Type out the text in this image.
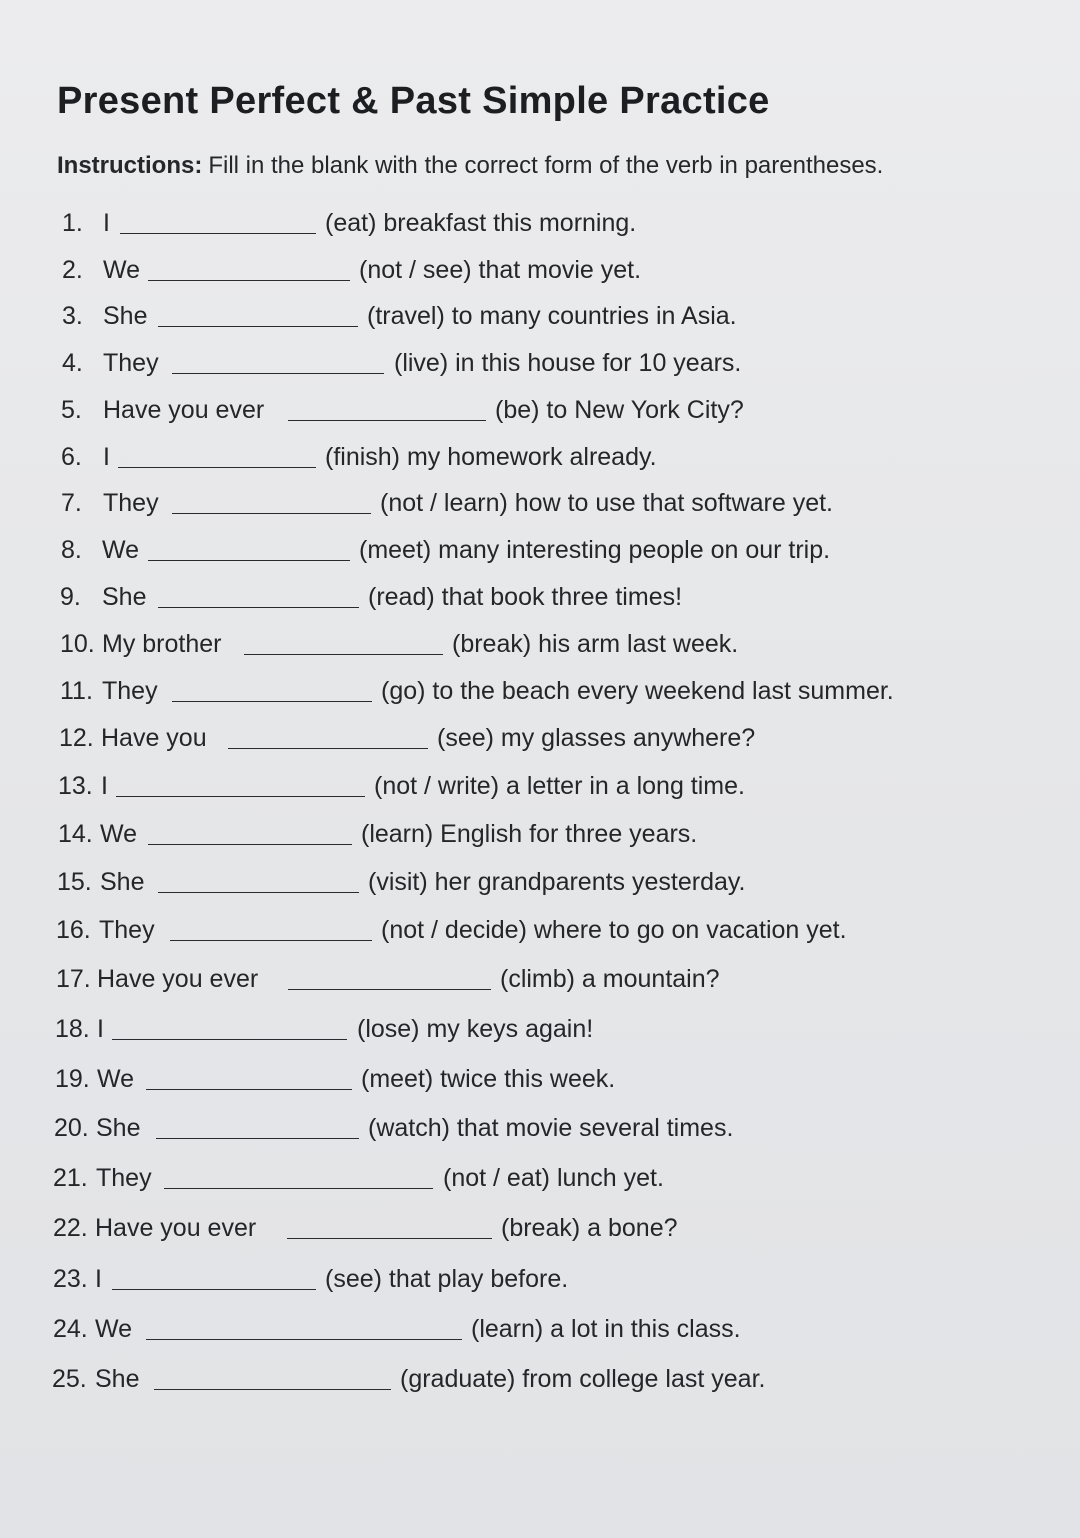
Present Perfect & Past Simple Practice
Instructions: Fill in the blank with the correct form of the verb in parentheses.
1. I	(eat) breakfast this morning.
2. We	(not / see) that movie yet.
3. She	(travel) to many countries in Asia.
4. They	(live) in this house for 10 years.
5. Have you ever	(be) to New York City?
6. I	(finish) my homework already.
7. They	(not / learn) how to use that software yet.
8. We	(meet) many interesting people on our trip.
9. She	(read) that book three times!
10. My brother	(break) his arm last week.
11. They	(go) to the beach every weekend last summer.
12. Have you	(see) my glasses anywhere?
13. I	(not / write) a letter in a long time.
14. We	(learn) English for three years.
15. She	(visit) her grandparents yesterday.
16. They	(not / decide) where to go on vacation yet.
17. Have you ever	(climb) a mountain?
18. I	(lose) my keys again!
19. We	(meet) twice this week.
20. She	(watch) that movie several times.
21. They	(not / eat) lunch yet.
22. Have you ever	(break) a bone?
23. I	(see) that play before.
24. We	(learn) a lot in this class.
25. She	(graduate) from college last year.
